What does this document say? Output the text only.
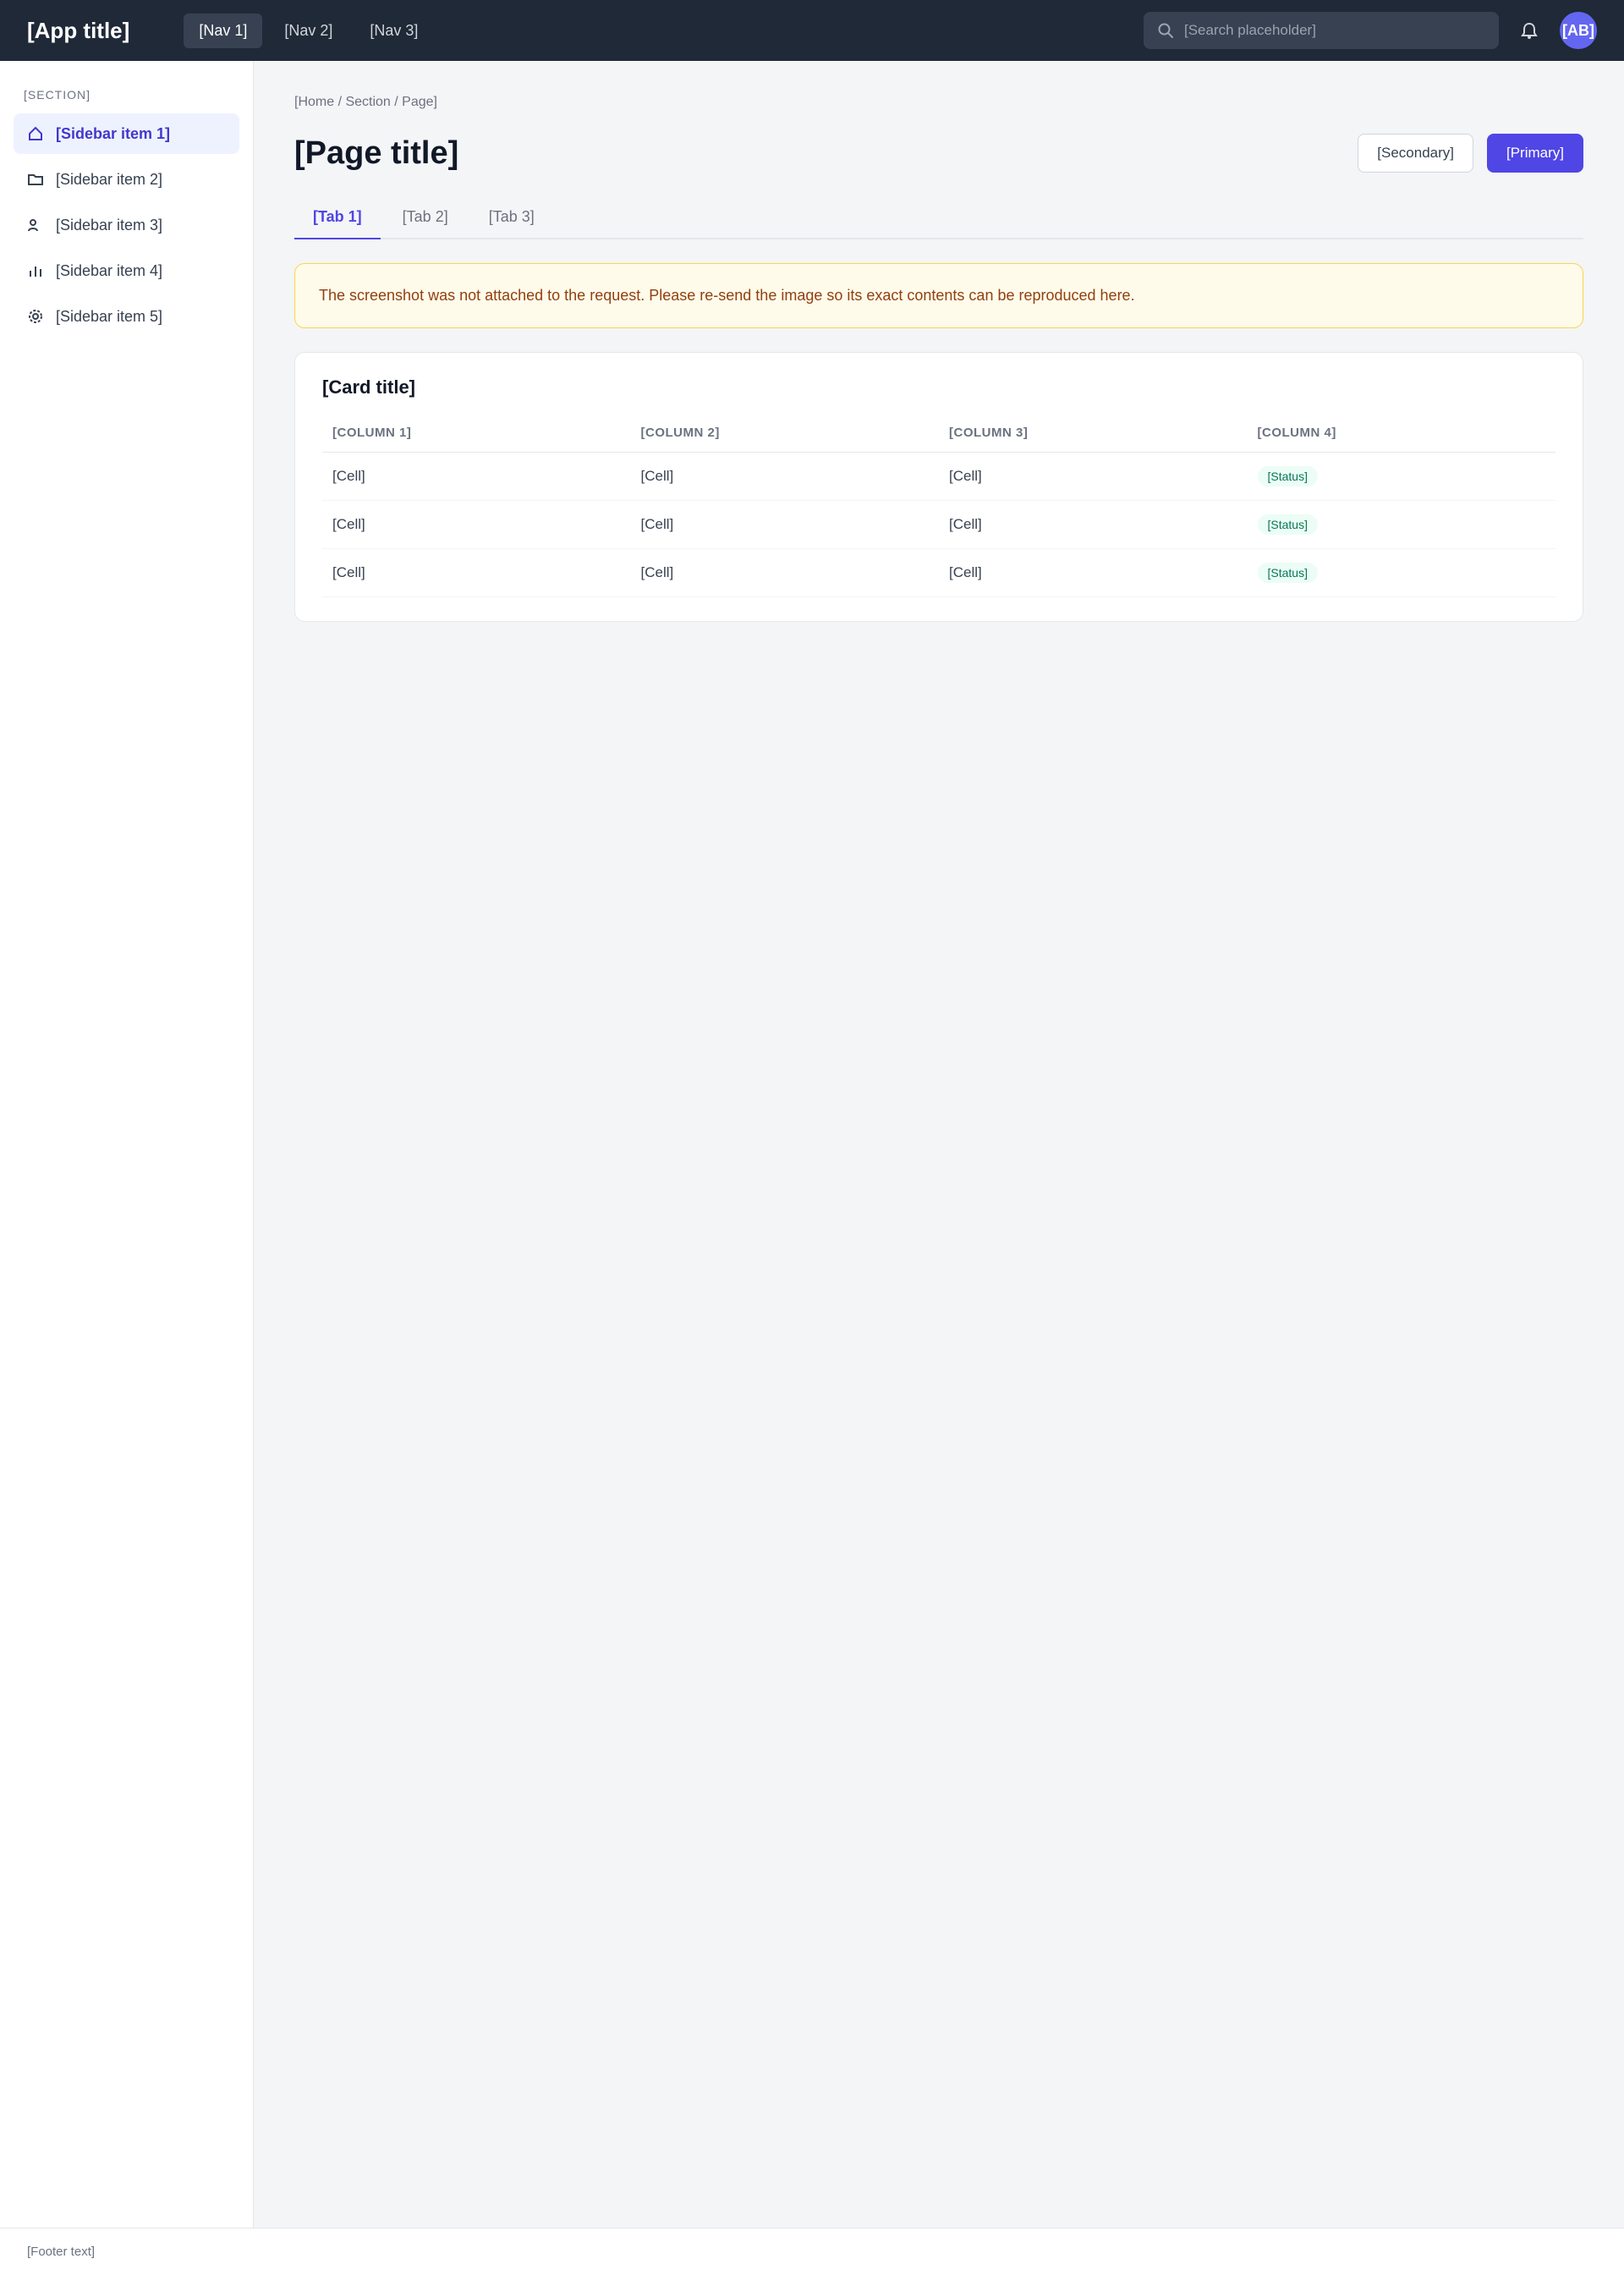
[App title]	[Nav 1]	[Nav 2]	[Nav 3]
[Search placeholder]	[AB]
[SECTION]
[Sidebar item 1]
[Sidebar item 2]
[Sidebar item 3]
[Sidebar item 4]
[Sidebar item 5]
[Home / Section / Page]
[Page title]	[Secondary]	[Primary]
[Tab 1]	[Tab 2]	[Tab 3]
The screenshot was not attached to the request. Please re-send the image so its exact contents can be reproduced here.
[Card title]
[COLUMN 1]	[COLUMN 2]	[COLUMN 3]	[COLUMN 4]
[Cell]	[Cell]	[Cell]	[Status]
[Cell]	[Cell]	[Cell]	[Status]
[Cell]	[Cell]	[Cell]	[Status]
[Footer text]
